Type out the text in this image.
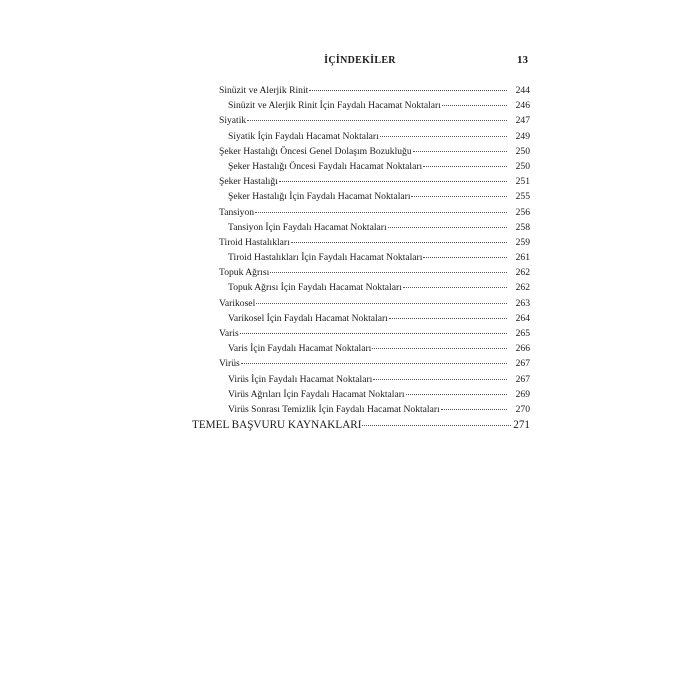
İÇİNDEKİLER	13
Sinüzit ve Alerjik Rinit	244
Sinüzit ve Alerjik Rinit İçin Faydalı Hacamat Noktaları	246
Siyatik	247
Siyatik İçin Faydalı Hacamat Noktaları	249
Şeker Hastalığı Öncesi Genel Dolaşım Bozukluğu	250
Şeker Hastalığı Öncesi Faydalı Hacamat Noktaları	250
Şeker Hastalığı	251
Şeker Hastalığı İçin Faydalı Hacamat Noktaları	255
Tansiyon	256
Tansiyon İçin Faydalı Hacamat Noktaları	258
Tiroid Hastalıkları	259
Tiroid Hastalıkları İçin Faydalı Hacamat Noktaları	261
Topuk Ağrısı	262
Topuk Ağrısı İçin Faydalı Hacamat Noktaları	262
Varikosel	263
Varikosel İçin Faydalı Hacamat Noktaları	264
Varis	265
Varis İçin Faydalı Hacamat Noktaları	266
Virüs	267
Virüs İçin Faydalı Hacamat Noktaları	267
Virüs Ağrıları İçin Faydalı Hacamat Noktaları	269
Virüs Sonrası Temizlik İçin Faydalı Hacamat Noktaları	270
TEMEL BAŞVURU KAYNAKLARI	271
